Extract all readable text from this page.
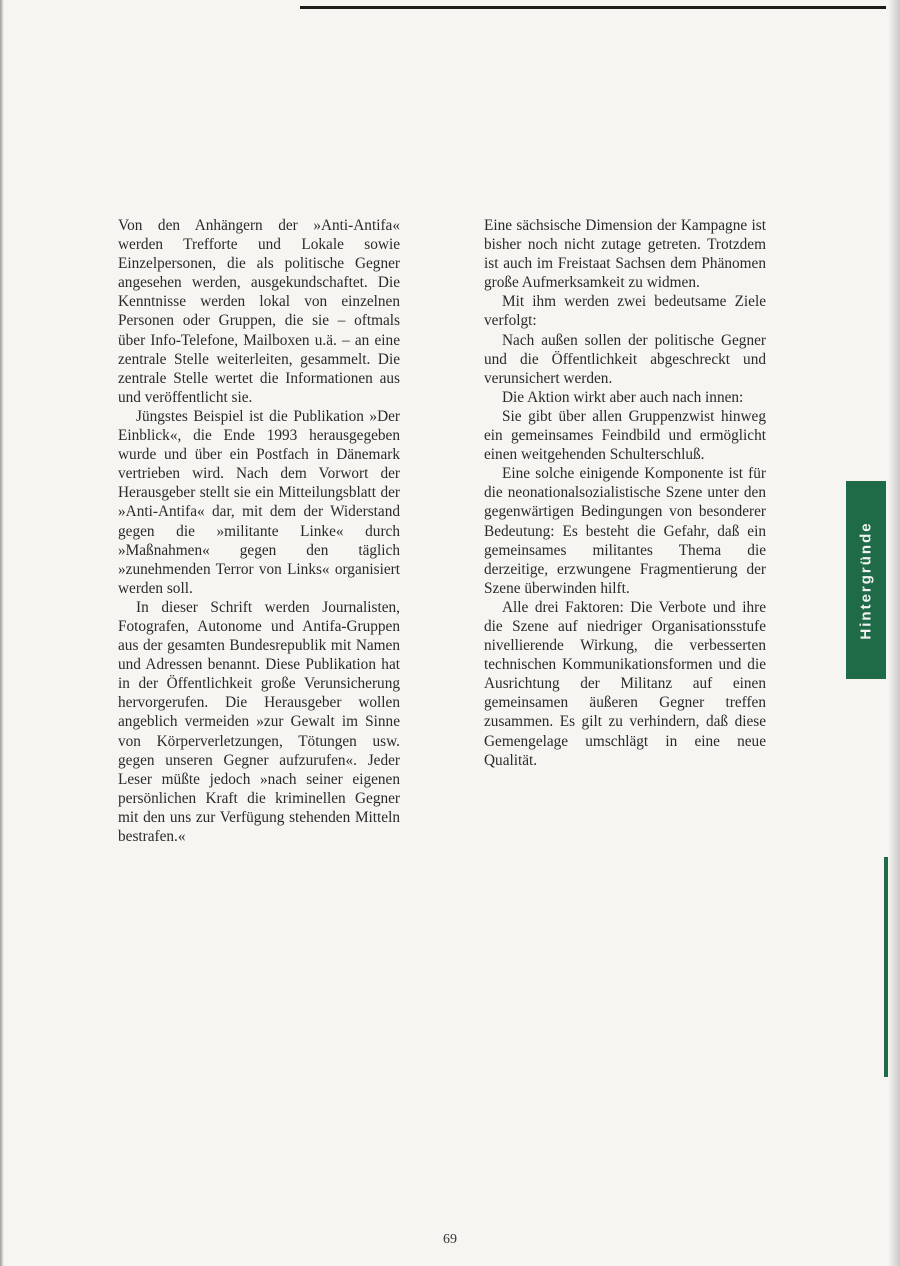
Von den Anhängern der »Anti-Antifa« werden Trefforte und Lokale sowie Einzelpersonen, die als politische Gegner angesehen werden, ausgekundschaftet. Die Kenntnisse werden lokal von einzelnen Personen oder Gruppen, die sie – oftmals über Info-Telefone, Mailboxen u.ä. – an eine zentrale Stelle weiterleiten, gesammelt. Die zentrale Stelle wertet die Informationen aus und veröffentlicht sie.

Jüngstes Beispiel ist die Publikation »Der Einblick«, die Ende 1993 herausgegeben wurde und über ein Postfach in Dänemark vertrieben wird. Nach dem Vorwort der Herausgeber stellt sie ein Mitteilungsblatt der »Anti-Antifa« dar, mit dem der Widerstand gegen die »militante Linke« durch »Maßnahmen« gegen den täglich »zunehmenden Terror von Links« organisiert werden soll.

In dieser Schrift werden Journalisten, Fotografen, Autonome und Antifa-Gruppen aus der gesamten Bundesrepublik mit Namen und Adressen benannt. Diese Publikation hat in der Öffentlichkeit große Verunsicherung hervorgerufen. Die Herausgeber wollen angeblich vermeiden »zur Gewalt im Sinne von Körperverletzungen, Tötungen usw. gegen unseren Gegner aufzurufen«. Jeder Leser müßte jedoch »nach seiner eigenen persönlichen Kraft die kriminellen Gegner mit den uns zur Verfügung stehenden Mitteln bestrafen.«

Eine sächsische Dimension der Kampagne ist bisher noch nicht zutage getreten. Trotzdem ist auch im Freistaat Sachsen dem Phänomen große Aufmerksamkeit zu widmen.

Mit ihm werden zwei bedeutsame Ziele verfolgt:

Nach außen sollen der politische Gegner und die Öffentlichkeit abgeschreckt und verunsichert werden.

Die Aktion wirkt aber auch nach innen:

Sie gibt über allen Gruppenzwist hinweg ein gemeinsames Feindbild und ermöglicht einen weitgehenden Schulterschluß.

Eine solche einigende Komponente ist für die neonationalsozialistische Szene unter den gegenwärtigen Bedingungen von besonderer Bedeutung: Es besteht die Gefahr, daß ein gemeinsames militantes Thema die derzeitige, erzwungene Fragmentierung der Szene überwinden hilft.

Alle drei Faktoren: Die Verbote und ihre die Szene auf niedriger Organisationsstufe nivellierende Wirkung, die verbesserten technischen Kommunikationsformen und die Ausrichtung der Militanz auf einen gemeinsamen äußeren Gegner treffen zusammen. Es gilt zu verhindern, daß diese Gemengelage umschlägt in eine neue Qualität.

Hintergründe
69
